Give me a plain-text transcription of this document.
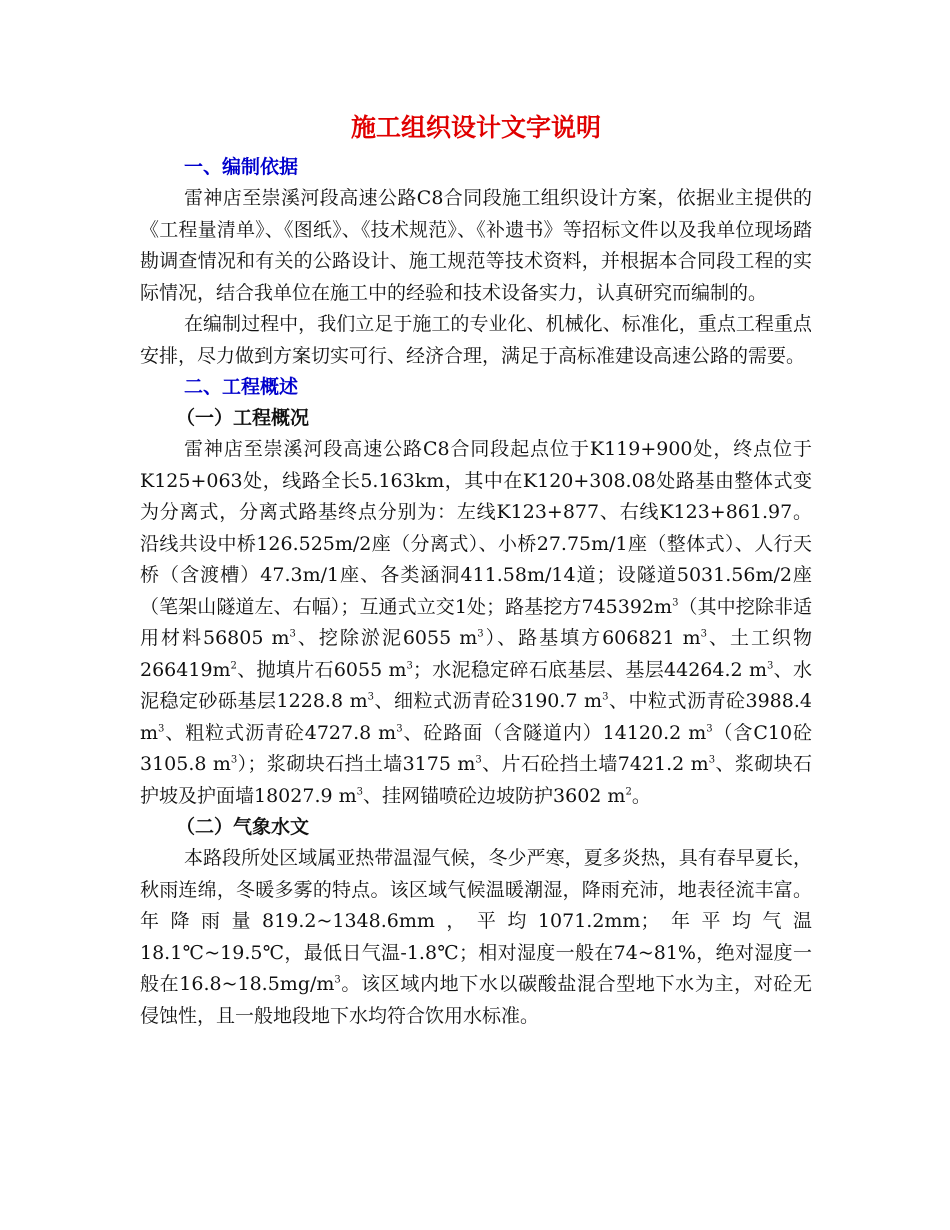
施工组织设计文字说明
一、编制依据

雷神店至崇溪河段高速公路C8合同段施工组织设计方案，依据业主提供的《工程量清单》、《图纸》、《技术规范》、《补遗书》等招标文件以及我单位现场踏勘调查情况和有关的公路设计、施工规范等技术资料，并根据本合同段工程的实际情况，结合我单位在施工中的经验和技术设备实力，认真研究而编制的。

在编制过程中，我们立足于施工的专业化、机械化、标准化，重点工程重点安排，尽力做到方案切实可行、经济合理，满足于高标准建设高速公路的需要。

二、工程概述
（一）工程概况

雷神店至崇溪河段高速公路C8合同段起点位于K119+900处，终点位于K125+063处，线路全长5.163km，其中在K120+308.08处路基由整体式变为分离式，分离式路基终点分别为：左线K123+877、右线K123+861.97。沿线共设中桥126.525m/2座（分离式）、小桥27.75m/1座（整体式）、人行天桥（含渡槽）47.3m/1座、各类涵洞411.58m/14道；设隧道5031.56m/2座（笔架山隧道左、右幅）；互通式立交1处；路基挖方$745392m^3$（其中挖除非适用材料56805 $m^3$、挖除淤泥6055 $m^3$）、路基填方606821 $m^3$、土工织物$266419m^2$、抛填片石6055 $m^3$；水泥稳定碎石底基层、基层44264.2 $m^3$、水泥稳定砂砾基层1228.8 $m^3$、细粒式沥青砼3190.7 $m^3$、中粒式沥青砼3988.4 $m^3$、粗粒式沥青砼4727.8 $m^3$、砼路面（含隧道内）14120.2 $m^3$（含C10砼3105.8 $m^3$）；浆砌块石挡土墙3175 $m^3$、片石砼挡土墙7421.2 $m^3$、浆砌块石护坡及护面墙18027.9 $m^3$、挂网锚喷砼边坡防护3602 $m^2$。

（二）气象水文

本路段所处区域属亚热带温湿气候，冬少严寒，夏多炎热，具有春早夏长，秋雨连绵，冬暖多雾的特点。该区域气候温暖潮湿，降雨充沛，地表径流丰富。年降雨量819.2~1348.6mm，平均1071.2mm；年平均气温18.1℃~19.5℃，最低日气温-1.8℃；相对湿度一般在74~81%，绝对湿度一般在$16.8\sim 18.5mg/m^3$。该区域内地下水以碳酸盐混合型地下水为主，对砼无侵蚀性，且一般地段地下水均符合饮用水标准。
